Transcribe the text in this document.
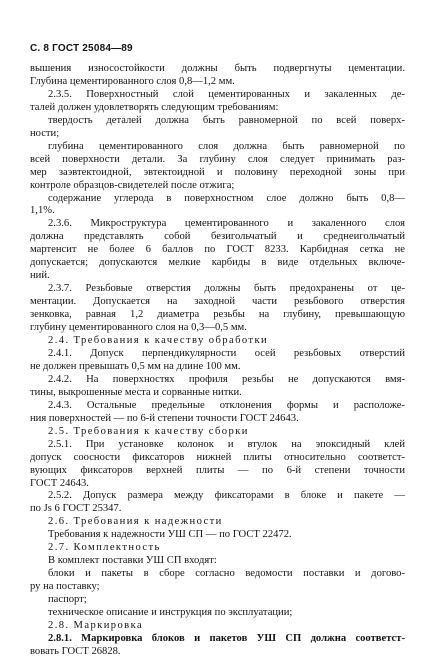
С. 8 ГОСТ 25084—89
вышения износостойкости должны быть подвергнуты цементации.
Глубина цементированного слоя 0,8—1,2 мм.
2.3.5. Поверхностный слой цементированных и закаленных де-
талей должен удовлетворять следующим требованиям:
твердость деталей должна быть равномерной по всей поверх-
ности;
глубина цементированного слоя должна быть равномерной по
всей поверхности детали. За глубину слоя следует принимать раз-
мер заэвтектоидной, эвтектоидной и половину переходной зоны при
контроле образцов-свидетелей после отжига;
содержание углерода в поверхностном слое должно быть 0,8—
1,1%.
2.3.6. Микроструктура цементированного и закаленного слоя
должна представлять собой безигольчатый и среднеигольчатый
мартенсит не более 6 баллов по ГОСТ 8233. Карбидная сетка не
допускается; допускаются мелкие карбиды в виде отдельных включе-
ний.
2.3.7. Резьбовые отверстия должны быть предохранены от це-
ментации. Допускается на заходной части резьбового отверстия
зенковка, равная 1,2 диаметра резьбы на глубину, превышающую
глубину цементированного слоя на 0,3—0,5 мм.
2.4. Требования к качеству обработки
2.4.1. Допуск перпендикулярности осей резьбовых отверстий
не должен превышать 0,5 мм на длине 100 мм.
2.4.2. На поверхностях профиля резьбы не допускаются вмя-
тины, выкрошенные места и сорванные нитки.
2.4.3. Остальные предельные отклонения формы и расположе-
ния поверхностей — по 6-й степени точности ГОСТ 24643.
2.5. Требования к качеству сборки
2.5.1. При установке колонок и втулок на эпоксидный клей
допуск соосности фиксаторов нижней плиты относительно соответст-
вующих фиксаторов верхней плиты — по 6-й степени точности
ГОСТ 24643.
2.5.2. Допуск размера между фиксаторами в блоке и пакете —
по Js 6 ГОСТ 25347.
2.6. Требования к надежности
Требования к надежности УШ СП — по ГОСТ 22472.
2.7. Комплектность
В комплект поставки УШ СП входят:
блоки и пакеты в сборе согласно ведомости поставки и догово-
ру на поставку;
паспорт;
техническое описание и инструкция по эксплуатации;
2.8. Маркировка
2.8.1. Маркировка блоков и пакетов УШ СП должна соответст-
вовать ГОСТ 26828.
